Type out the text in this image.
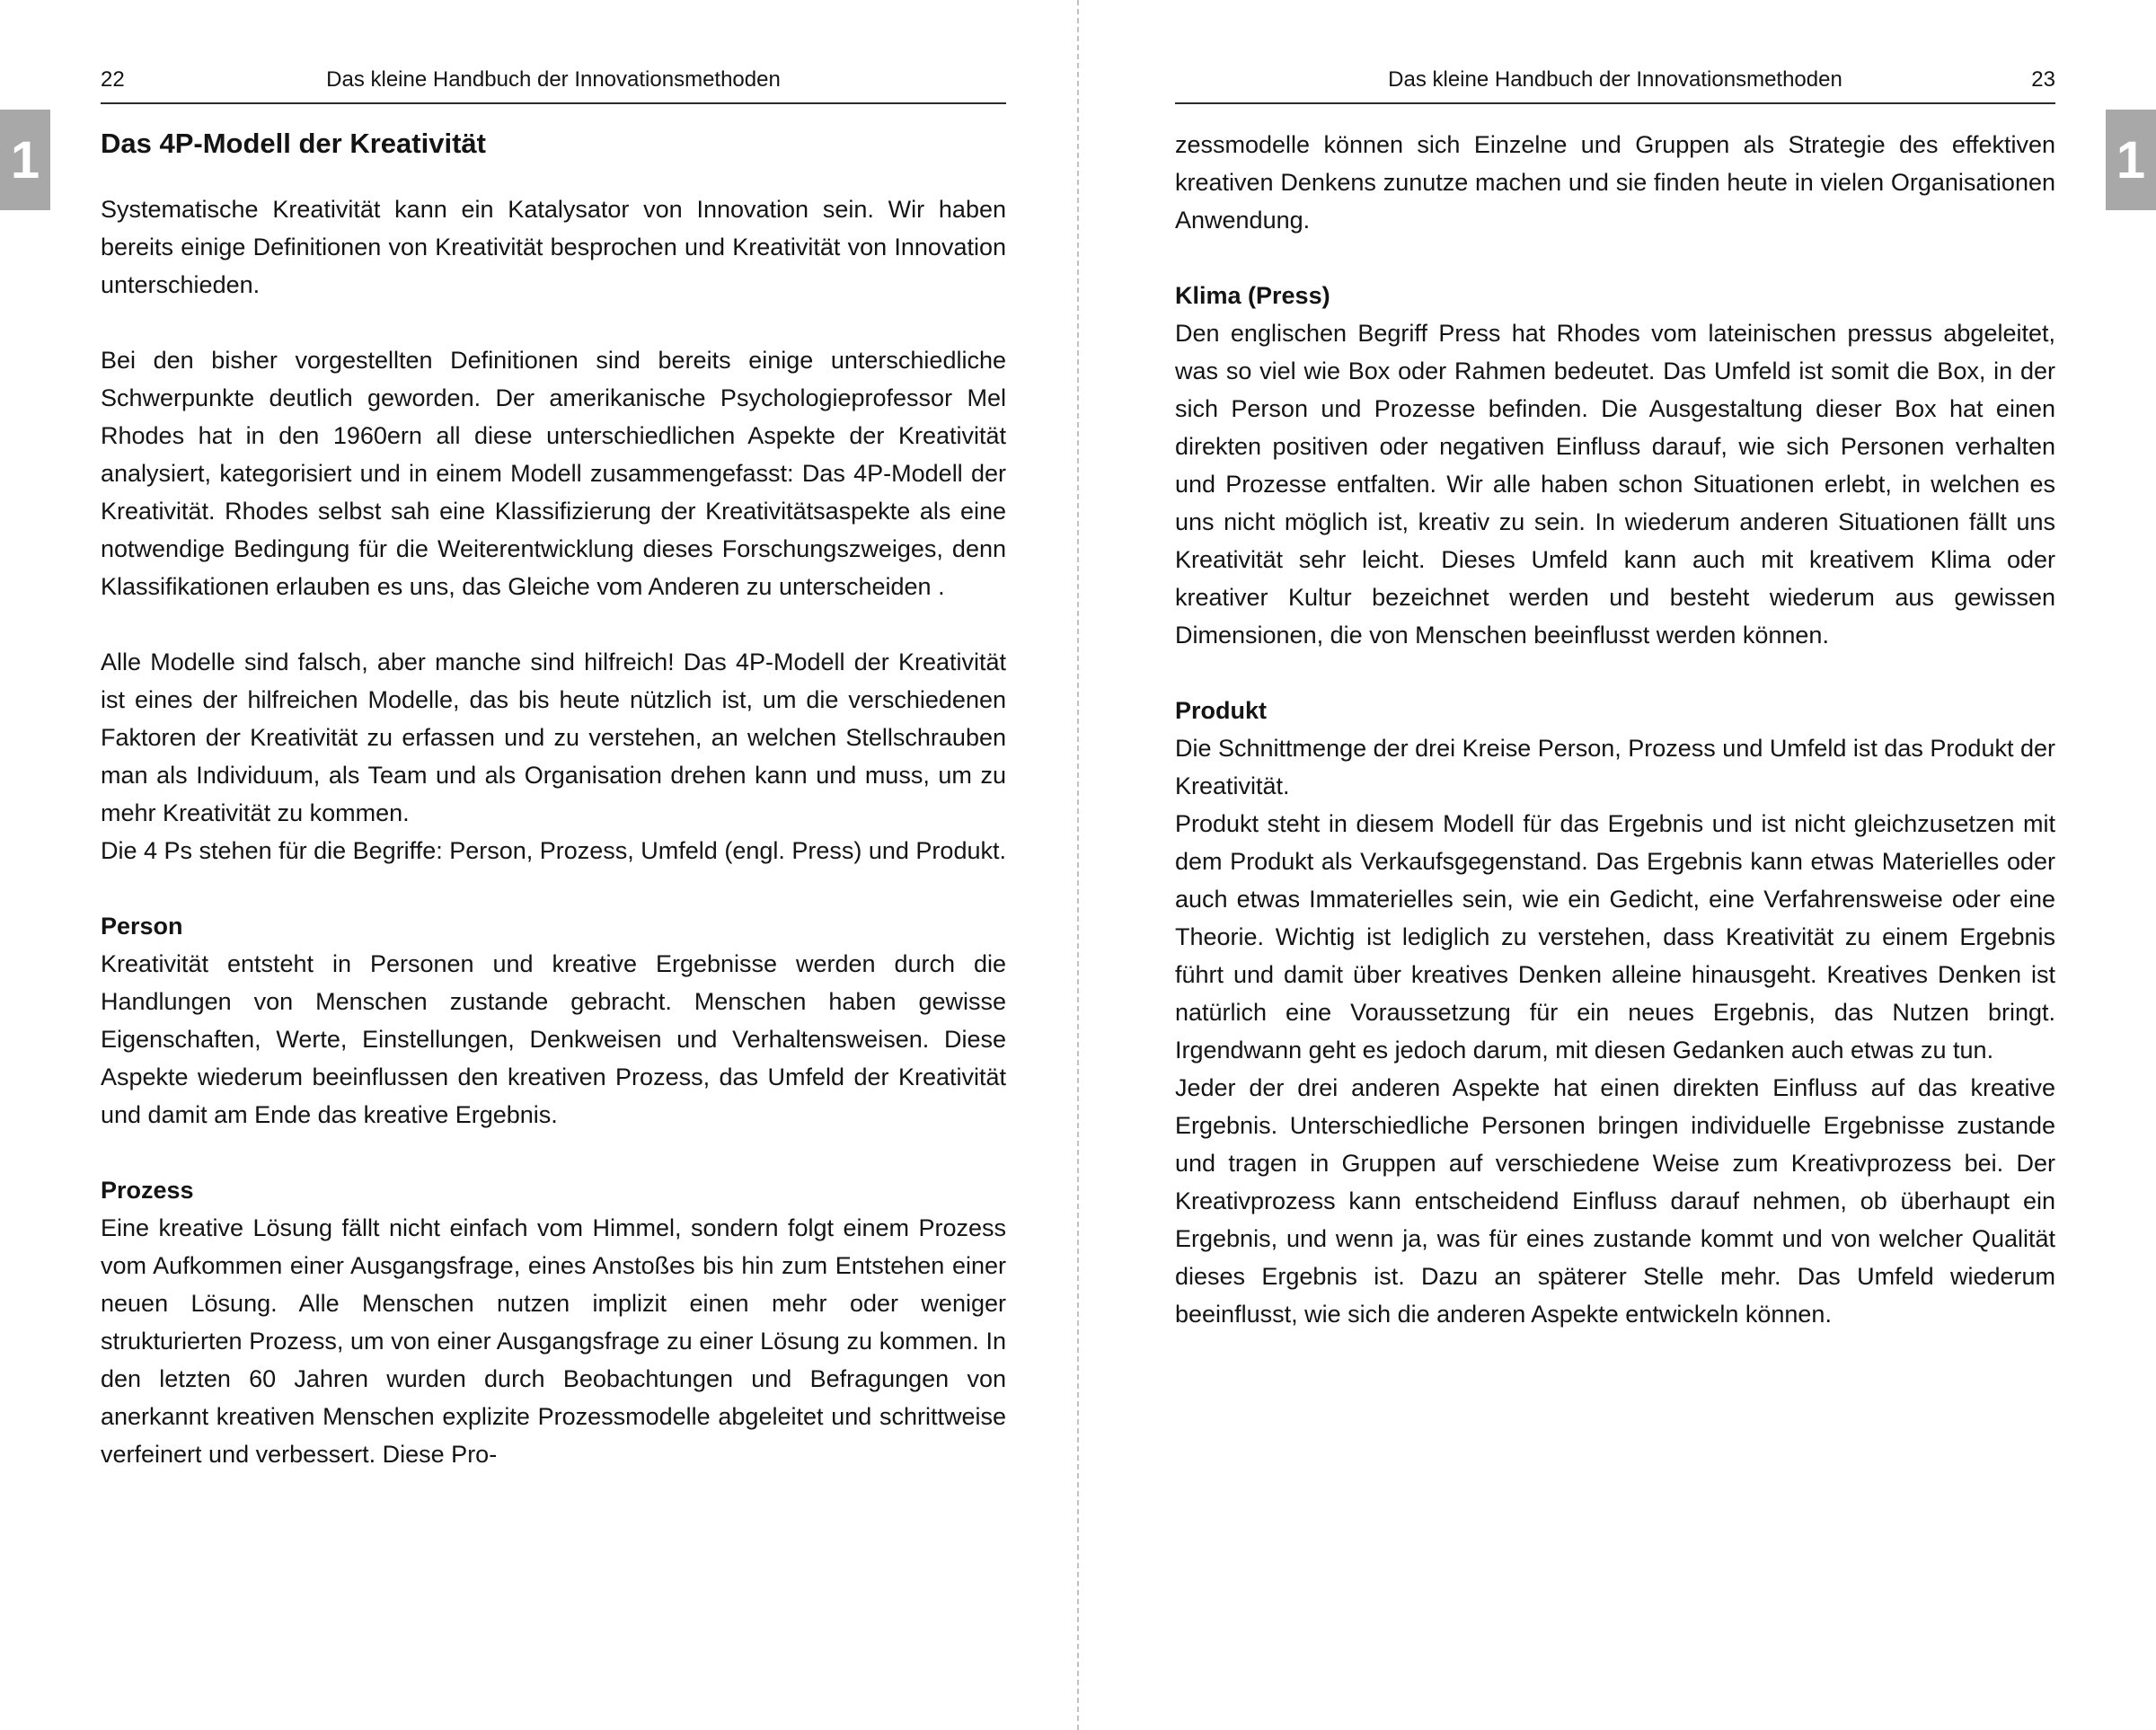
22	Das kleine Handbuch der Innovationsmethoden
Das 4P-Modell der Kreativität

Systematische Kreativität kann ein Katalysator von Innovation sein. Wir haben bereits einige Definitionen von Kreativität besprochen und Kreativität von Innovation unterschieden.

Bei den bisher vorgestellten Definitionen sind bereits einige unterschiedliche Schwerpunkte deutlich geworden. Der amerikanische Psychologieprofessor Mel Rhodes hat in den 1960ern all diese unterschiedlichen Aspekte der Kreativität analysiert, kategorisiert und in einem Modell zusammengefasst: Das 4P-Modell der Kreativität. Rhodes selbst sah eine Klassifizierung der Kreativitätsaspekte als eine notwendige Bedingung für die Weiterentwicklung dieses Forschungszweiges, denn Klassifikationen erlauben es uns, das Gleiche vom Anderen zu unterscheiden .

Alle Modelle sind falsch, aber manche sind hilfreich! Das 4P-Modell der Kreativität ist eines der hilfreichen Modelle, das bis heute nützlich ist, um die verschiedenen Faktoren der Kreativität zu erfassen und zu verstehen, an welchen Stellschrauben man als Individuum, als Team und als Organisation drehen kann und muss, um zu mehr Kreativität zu kommen.

Die 4 Ps stehen für die Begriffe: Person, Prozess, Umfeld (engl. Press) und Produkt.

Person

Kreativität entsteht in Personen und kreative Ergebnisse werden durch die Handlungen von Menschen zustande gebracht. Menschen haben gewisse Eigenschaften, Werte, Einstellungen, Denkweisen und Verhaltensweisen. Diese Aspekte wiederum beeinflussen den kreativen Prozess, das Umfeld der Kreativität und damit am Ende das kreative Ergebnis.

Prozess

Eine kreative Lösung fällt nicht einfach vom Himmel, sondern folgt einem Prozess vom Aufkommen einer Ausgangsfrage, eines Anstoßes bis hin zum Entstehen einer neuen Lösung. Alle Menschen nutzen implizit einen mehr oder weniger strukturierten Prozess, um von einer Ausgangsfrage zu einer Lösung zu kommen. In den letzten 60 Jahren wurden durch Beobachtungen und Befragungen von anerkannt kreativen Menschen explizite Prozessmodelle abgeleitet und schrittweise verfeinert und verbessert. Diese Pro-

Das kleine Handbuch der Innovationsmethoden	23

zessmodelle können sich Einzelne und Gruppen als Strategie des effektiven kreativen Denkens zunutze machen und sie finden heute in vielen Organisationen Anwendung.

Klima (Press)

Den englischen Begriff Press hat Rhodes vom lateinischen pressus abgeleitet, was so viel wie Box oder Rahmen bedeutet. Das Umfeld ist somit die Box, in der sich Person und Prozesse befinden. Die Ausgestaltung dieser Box hat einen direkten positiven oder negativen Einfluss darauf, wie sich Personen verhalten und Prozesse entfalten. Wir alle haben schon Situationen erlebt, in welchen es uns nicht möglich ist, kreativ zu sein. In wiederum anderen Situationen fällt uns Kreativität sehr leicht. Dieses Umfeld kann auch mit kreativem Klima oder kreativer Kultur bezeichnet werden und besteht wiederum aus gewissen Dimensionen, die von Menschen beeinflusst werden können.

Produkt

Die Schnittmenge der drei Kreise Person, Prozess und Umfeld ist das Produkt der Kreativität.

Produkt steht in diesem Modell für das Ergebnis und ist nicht gleichzusetzen mit dem Produkt als Verkaufsgegenstand. Das Ergebnis kann etwas Materielles oder auch etwas Immaterielles sein, wie ein Gedicht, eine Verfahrensweise oder eine Theorie. Wichtig ist lediglich zu verstehen, dass Kreativität zu einem Ergebnis führt und damit über kreatives Denken alleine hinausgeht. Kreatives Denken ist natürlich eine Voraussetzung für ein neues Ergebnis, das Nutzen bringt. Irgendwann geht es jedoch darum, mit diesen Gedanken auch etwas zu tun.

Jeder der drei anderen Aspekte hat einen direkten Einfluss auf das kreative Ergebnis. Unterschiedliche Personen bringen individuelle Ergebnisse zustande und tragen in Gruppen auf verschiedene Weise zum Kreativprozess bei. Der Kreativprozess kann entscheidend Einfluss darauf nehmen, ob überhaupt ein Ergebnis, und wenn ja, was für eines zustande kommt und von welcher Qualität dieses Ergebnis ist. Dazu an späterer Stelle mehr. Das Umfeld wiederum beeinflusst, wie sich die anderen Aspekte entwickeln können.

1	1
